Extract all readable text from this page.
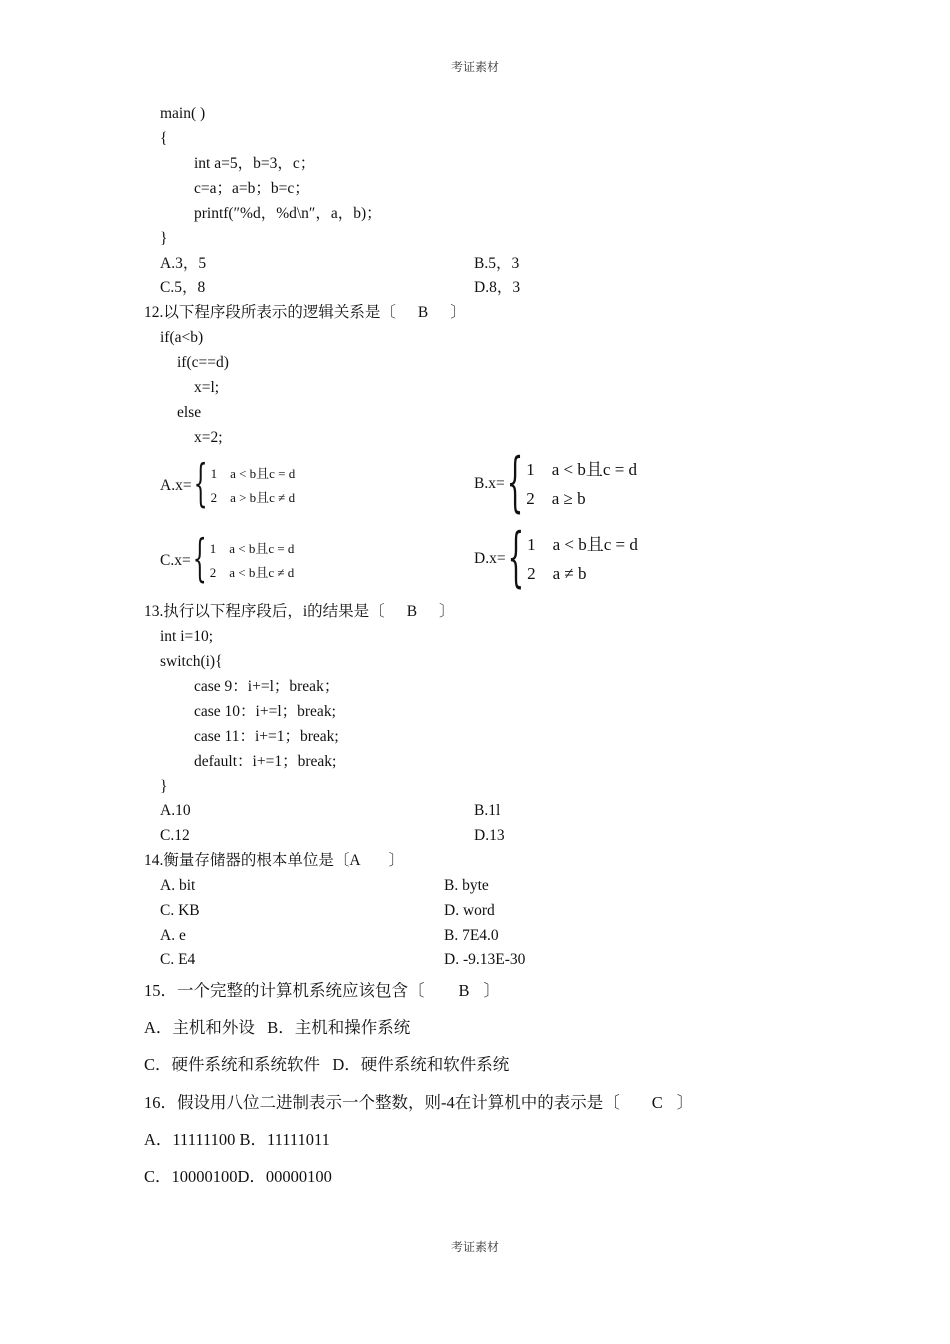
考证素材
main( )
{
int a=5，b=3，c；
c=a；a=b；b=c；
printf(″%d，%d\n″，a，b)；
}
A.3，5	B.5，3
C.5，8	D.8，3
12.以下程序段所表示的逻辑关系是〔 B 〕
if(a<b)
if(c==d)
x=l;
else
x=2;
A.x= { 1    a < b且c = d
2    a > b且c ≠ d
B.x= { 1    a < b且c = d
2    a ≥ b
C.x= { 1    a < b且c = d
2    a < b且c ≠ d
D.x= { 1    a < b且c = d
2    a ≠ b
13.执行以下程序段后，i的结果是〔 B 〕
int i=10;
switch(i){
case 9：i+=l；break；
case 10：i+=l；break;
case 11：i+=1；break;
default：i+=1；break;
}
A.10	B.1l
C.12	D.13
14.衡量存储器的根本单位是〔A 〕
A. bit	B. byte
C. KB	D. word
A. e	B. 7E4.0
C. E4	D. -9.13E-30
15．一个完整的计算机系统应该包含〔 B 〕
A．主机和外设   B．主机和操作系统
C．硬件系统和系统软件   D．硬件系统和软件系统
16．假设用八位二进制表示一个整数，则-4在计算机中的表示是〔 C 〕
A．11111100 B．11111011
C．10000100D．00000100
考证素材
